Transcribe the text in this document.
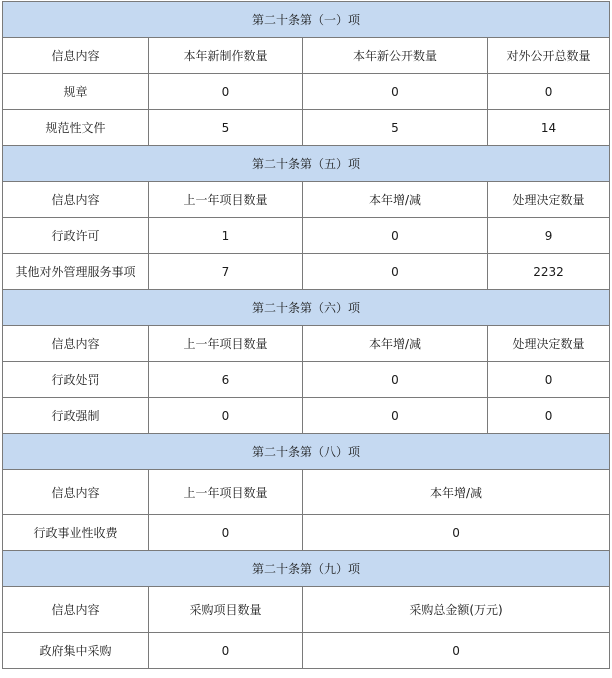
第二十条第（一）项			
信息内容	本年新制作数量	本年新公开数量	对外公开总数量
规章	0	0	0
规范性文件	5	5	14
第二十条第（五）项			
信息内容	上一年项目数量	本年增/减	处理决定数量
行政许可	1	0	9
其他对外管理服务事项	7	0	2232
第二十条第（六）项			
信息内容	上一年项目数量	本年增/减	处理决定数量
行政处罚	6	0	0
行政强制	0	0	0
第二十条第（八）项			
信息内容	上一年项目数量	本年增/减	
行政事业性收费	0	0	
第二十条第（九）项			
信息内容	采购项目数量	采购总金额(万元)	
政府集中采购	0	0	
